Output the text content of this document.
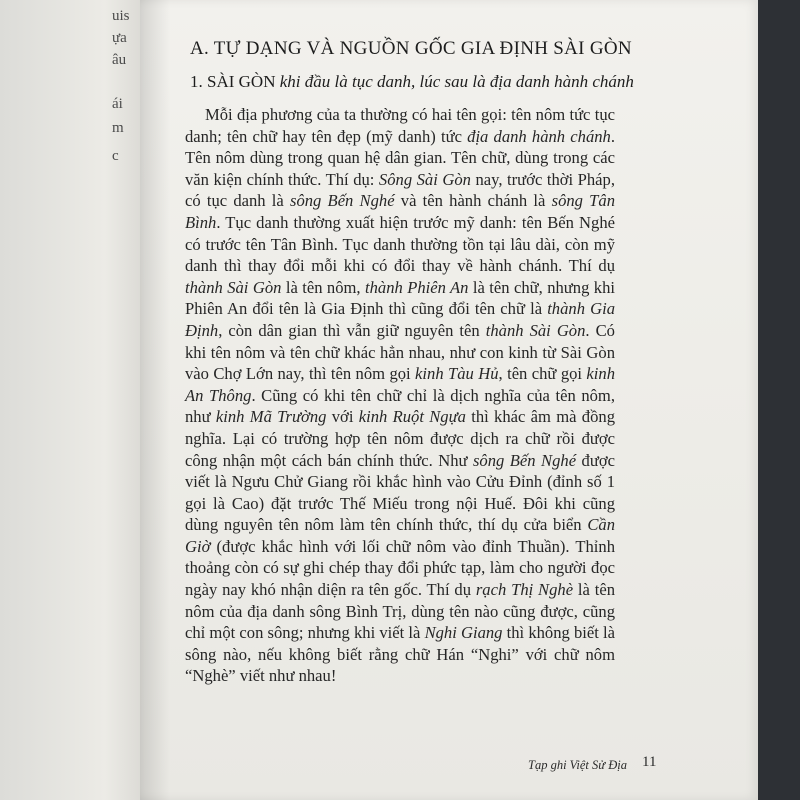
uis
ựa
âu
ái
m
c
A. TỰ DẠNG VÀ NGUỒN GỐC GIA ĐỊNH SÀI GÒN
1. SÀI GÒN khi đầu là tục danh, lúc sau là địa danh hành chánh

Mỗi địa phương của ta thường có hai tên gọi: tên nôm tức tục danh; tên chữ hay tên đẹp (mỹ danh) tức địa danh hành chánh. Tên nôm dùng trong quan hệ dân gian. Tên chữ, dùng trong các văn kiện chính thức. Thí dụ: Sông Sài Gòn nay, trước thời Pháp, có tục danh là sông Bến Nghé và tên hành chánh là sông Tân Bình. Tục danh thường xuất hiện trước mỹ danh: tên Bến Nghé có trước tên Tân Bình. Tục danh thường tồn tại lâu dài, còn mỹ danh thì thay đổi mỗi khi có đổi thay về hành chánh. Thí dụ thành Sài Gòn là tên nôm, thành Phiên An là tên chữ, nhưng khi Phiên An đổi tên là Gia Định thì cũng đổi tên chữ là thành Gia Định, còn dân gian thì vẫn giữ nguyên tên thành Sài Gòn. Có khi tên nôm và tên chữ khác hẳn nhau, như con kinh từ Sài Gòn vào Chợ Lớn nay, thì tên nôm gọi kinh Tàu Hủ, tên chữ gọi kinh An Thông. Cũng có khi tên chữ chỉ là dịch nghĩa của tên nôm, như kinh Mã Trường với kinh Ruột Ngựa thì khác âm mà đồng nghĩa. Lại có trường hợp tên nôm được dịch ra chữ rồi được công nhận một cách bán chính thức. Như sông Bến Nghé được viết là Ngưu Chử Giang rồi khắc hình vào Cửu Đỉnh (đỉnh số 1 gọi là Cao) đặt trước Thế Miếu trong nội Huế. Đôi khi cũng dùng nguyên tên nôm làm tên chính thức, thí dụ cửa biển Cần Giờ (được khắc hình với lối chữ nôm vào đỉnh Thuần). Thỉnh thoảng còn có sự ghi chép thay đổi phức tạp, làm cho người đọc ngày nay khó nhận diện ra tên gốc. Thí dụ rạch Thị Nghè là tên nôm của địa danh sông Bình Trị, dùng tên nào cũng được, cũng chỉ một con sông; nhưng khi viết là Nghi Giang thì không biết là sông nào, nếu không biết rằng chữ Hán “Nghi” với chữ nôm “Nghè” viết như nhau!

Tạp ghi Việt Sử Địa 11
